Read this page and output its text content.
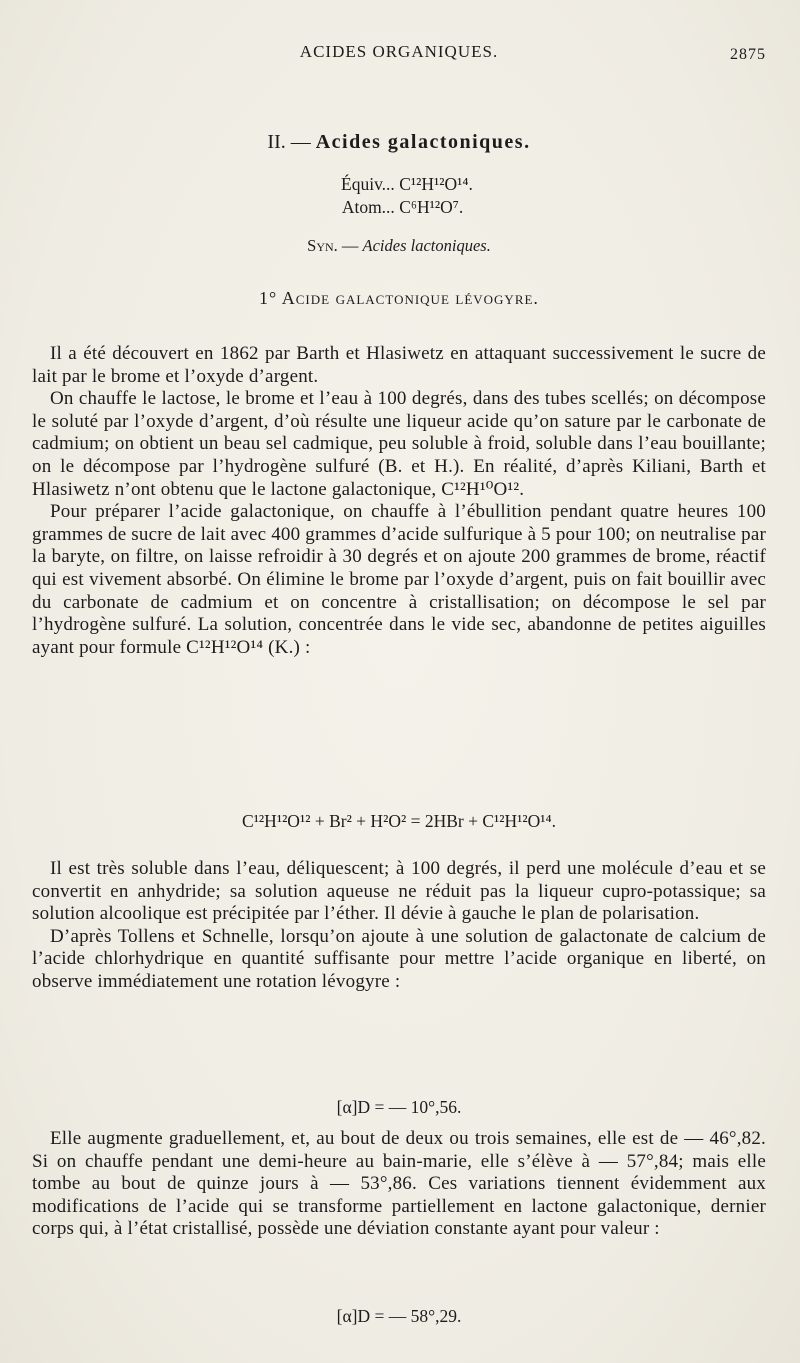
ACIDES ORGANIQUES.	2875
II. — Acides galactoniques.
Équiv... C¹²H¹²O¹⁴.
Atom... C⁶H¹²O⁷.
Syn. — Acides lactoniques.
1° Acide galactonique lévogyre.

Il a été découvert en 1862 par Barth et Hlasiwetz en attaquant successivement le sucre de lait par le brome et l’oxyde d’argent.

On chauffe le lactose, le brome et l’eau à 100 degrés, dans des tubes scellés; on décompose le soluté par l’oxyde d’argent, d’où résulte une liqueur acide qu’on sature par le carbonate de cadmium; on obtient un beau sel cadmique, peu soluble à froid, soluble dans l’eau bouillante; on le décompose par l’hydrogène sulfuré (B. et H.). En réalité, d’après Kiliani, Barth et Hlasiwetz n’ont obtenu que le lactone galactonique, C¹²H¹⁰O¹².

Pour préparer l’acide galactonique, on chauffe à l’ébullition pendant quatre heures 100 grammes de sucre de lait avec 400 grammes d’acide sulfurique à 5 pour 100; on neutralise par la baryte, on filtre, on laisse refroidir à 30 degrés et on ajoute 200 grammes de brome, réactif qui est vivement absorbé. On élimine le brome par l’oxyde d’argent, puis on fait bouillir avec du carbonate de cadmium et on concentre à cristallisation; on décompose le sel par l’hydrogène sulfuré. La solution, concentrée dans le vide sec, abandonne de petites aiguilles ayant pour formule C¹²H¹²O¹⁴ (K.) :

C¹²H¹²O¹² + Br² + H²O² = 2HBr + C¹²H¹²O¹⁴.

Il est très soluble dans l’eau, déliquescent; à 100 degrés, il perd une molécule d’eau et se convertit en anhydride; sa solution aqueuse ne réduit pas la liqueur cupro-potassique; sa solution alcoolique est précipitée par l’éther. Il dévie à gauche le plan de polarisation.

D’après Tollens et Schnelle, lorsqu’on ajoute à une solution de galactonate de calcium de l’acide chlorhydrique en quantité suffisante pour mettre l’acide organique en liberté, on observe immédiatement une rotation lévogyre :

[α]D = — 10°,56.

Elle augmente graduellement, et, au bout de deux ou trois semaines, elle est de — 46°,82. Si on chauffe pendant une demi-heure au bain-marie, elle s’élève à — 57°,84; mais elle tombe au bout de quinze jours à — 53°,86. Ces variations tiennent évidemment aux modifications de l’acide qui se transforme partiellement en lactone galactonique, dernier corps qui, à l’état cristallisé, possède une déviation constante ayant pour valeur :

[α]D = — 58°,29.
